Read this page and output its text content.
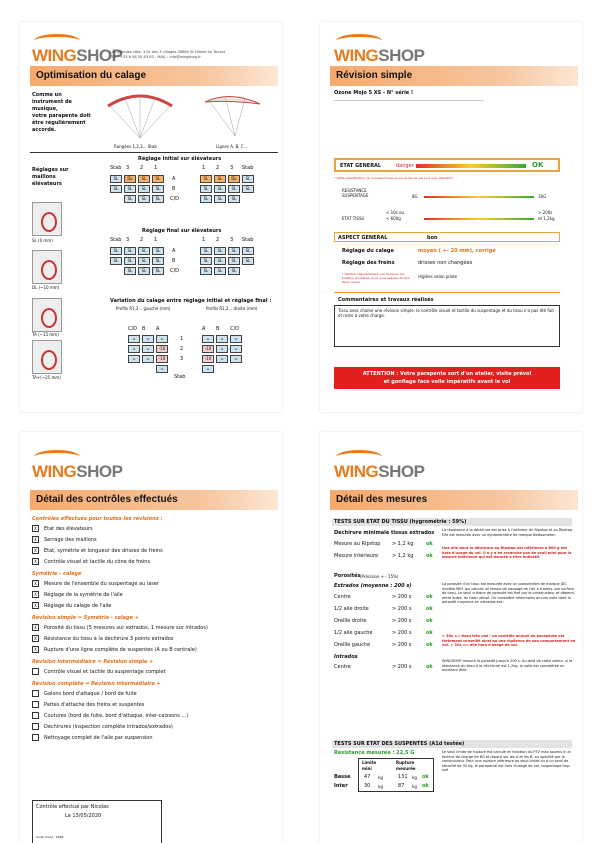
WINGSHOP
Les grandes côte, 3 ile des 3 villages 38660 St Hilaire du Touvet
TEL : +33 6 58 55 83 83 - MAIL : info@wingshop.fr
Optimisation du calage
Comme un
instrument de
musique,
votre parapente doit
être régulièrement
accordé.
Rangées 1,2,3... Stab	Lignes A, B, C...
Réglages sur
maillons
élévateurs
SL (0 mm)
DL (~10 mm)
TA (~15 mm)
TA+(~25 mm)
Réglage initial sur élévateurs
Stab 3 2 1	1 2 3 Stab
SL	DL	SL	SL	A	SL	SL	DL	SL
SL	SL	SL	SL	B	SL	SL	SL	SL
SL	SL	SL	C/D	SL	SL	SL
Réglage final sur élévateurs
Stab 3 2 1	1 2 3 Stab
SL	SL	SL	SL	A	SL	SL	SL	SL
SL	SL	SL	SL	B	SL	SL	SL	SL
SL	SL	SL	C/D	SL	SL	SL
Variation du calage entre réglage initial et réglage final :
Profils R1,2... gauche (mm)	Profils R1,2... droite (mm)
C/D B A	A B C/D
=	=	=	1	=	=	=
=	=	-10	2	-10	=	=
=	=	-10	3	-10	=	=
=	=
Stab
WINGSHOP
Révision simple
Ozone Mojo 5 XS - N° série !
ETAT GENERAL	danger	OK
* Cette classification ne correspond pas à une durée de vie ou à une utilisation.
RESISTANCE SUSPENTAGE	8G	16G
ETAT TISSU
< 10s ou
< 600g
> 200s
et 1,2kg
ASPECT GENERAL	bon
Réglage du calage	moyen ( +- 20 mm), corrigé
Réglage des freins	drisses non changées
* Vérifiez, régulièrement vos freins en vol, position accélérée, pour vous assurer de leur libre course.
réglées selon pilote
Commentaires et travaux réalisés
Tissu avec chaîne une révision simple: le contrôle visuel et tactile du suspentage et du tissu n'a pas été fait et reste à votre charge.
ATTENTION : Votre parapente sort d'un atelier, visite prévol
et gonflage face voile impératifs avant le vol
WINGSHOP
Détail des contrôles effectués
Contrôles effectués pour toutes les révisions :
X	Etat des élévateurs
X	Serrage des maillons
X	Etat, symétrie et longueur des drisses de freins
X	Contrôle visuel et tactile du cône de freins
Symétrie - calage
X	Mesure de l'ensemble du suspentage au laser
X	Réglage de la symétrie de l'aile
X	Réglage du calage de l'aile
Révision simple = Symétrie - calage +
X	Porosité du tissu (5 mesures sur extrados, 1 mesure sur intrados)
X	Résistance du tissu à la déchirure 3 points extrados
X	Rupture d'une ligne complète de suspentes (A ou B centrale)
Révision intermédiaire = Révision simple +
Contrôle visuel et tactile du suspentage complet
Révision complète = Révision intermédiaire +
Galons bord d'attaque / bord de fuite
Pattes d'attache des freins et suspentes
Coutures (bord de fuite, bord d'attaque, inter-caissons ...)
Déchirures (inspection complète intrados/extrados)
Nettoyage complet de l'aile par suspension
Contrôle effectué par Nicolas
Le 13/05/2020
Code client : 0284
WINGSHOP
Détail des mesures
TESTS SUR ETAT DU TISSU (hygrométrie : 59%)
Déchirure minimale tissus extrados
Mesure au Ripstop > 1,2 kg	ok
Mesure intérieure	> 1,2 kg	ok
Centre	> 200 s	ok
1/2 aile droite	> 200 s	ok
Oreille droite	> 200 s	ok
1/2 aile gauche	> 200 s	ok
Oreille gauche	> 200 s	ok
Centre	> 200 s	ok
Porosités (Précision + - 15%)
Extrados (moyenne : 200 s)
Intrados
La résistance à la déchirure est prise à l'intérieur du Ripstop et au Ripstop. Elle est mesurée avec un dynamomètre de marque Bettsometer.
Une aile dont la déchirure au Ripstop est inférieure à 600 g est hors d'usage du vol. Il n'y a en revanche pas de seuil mini pour la mesure intérieure qui est donnée à titre indicatif.
La porosité d'un tissu est mesurée avec un porosimètre de marque JDC modèle MK1 qui calcule un temps de passage de l'air à travers une surface de tissu. Le seuil critique de porosité est fixé par le constructeur et dépend, entre autre, du tissu utilisé. On considère néanmoins qu'une voile dont la porosité moyenne en extrados est :
< 30s => tissu très usé : un contrôle annuel du parapente est fortement conseillé ainsi qu'une vigilance de son comportement en vol. < 10s => aile hors d'usage de vol.
WINGSHOP mesure la porosité jusqu'à 200 s. Au-delà de cette valeur, si la résistance du tissu à la déchirure est 1,2kg, la voile est considérée en excellent état.
TESTS SUR ETAT DES SUSPENTES (A1d testée)
Résistance mesurée : 22,5 G
Limite	Rupture
mini	mesurée
Basse	47 kg	131 kg ok
Inter	30 kg	87 kg ok
Le seuil limite de rupture est calculé en fonction du PTV max soumis à un facteur de charge de 8G et réparti sur les A et les B, ou spécifié par le constructeur. Pour une rupture inférieure au seuil limite ou à un seuil de sécurité de 30 kg, le parapente est hors d'usage de vol, suspentage trop usé
